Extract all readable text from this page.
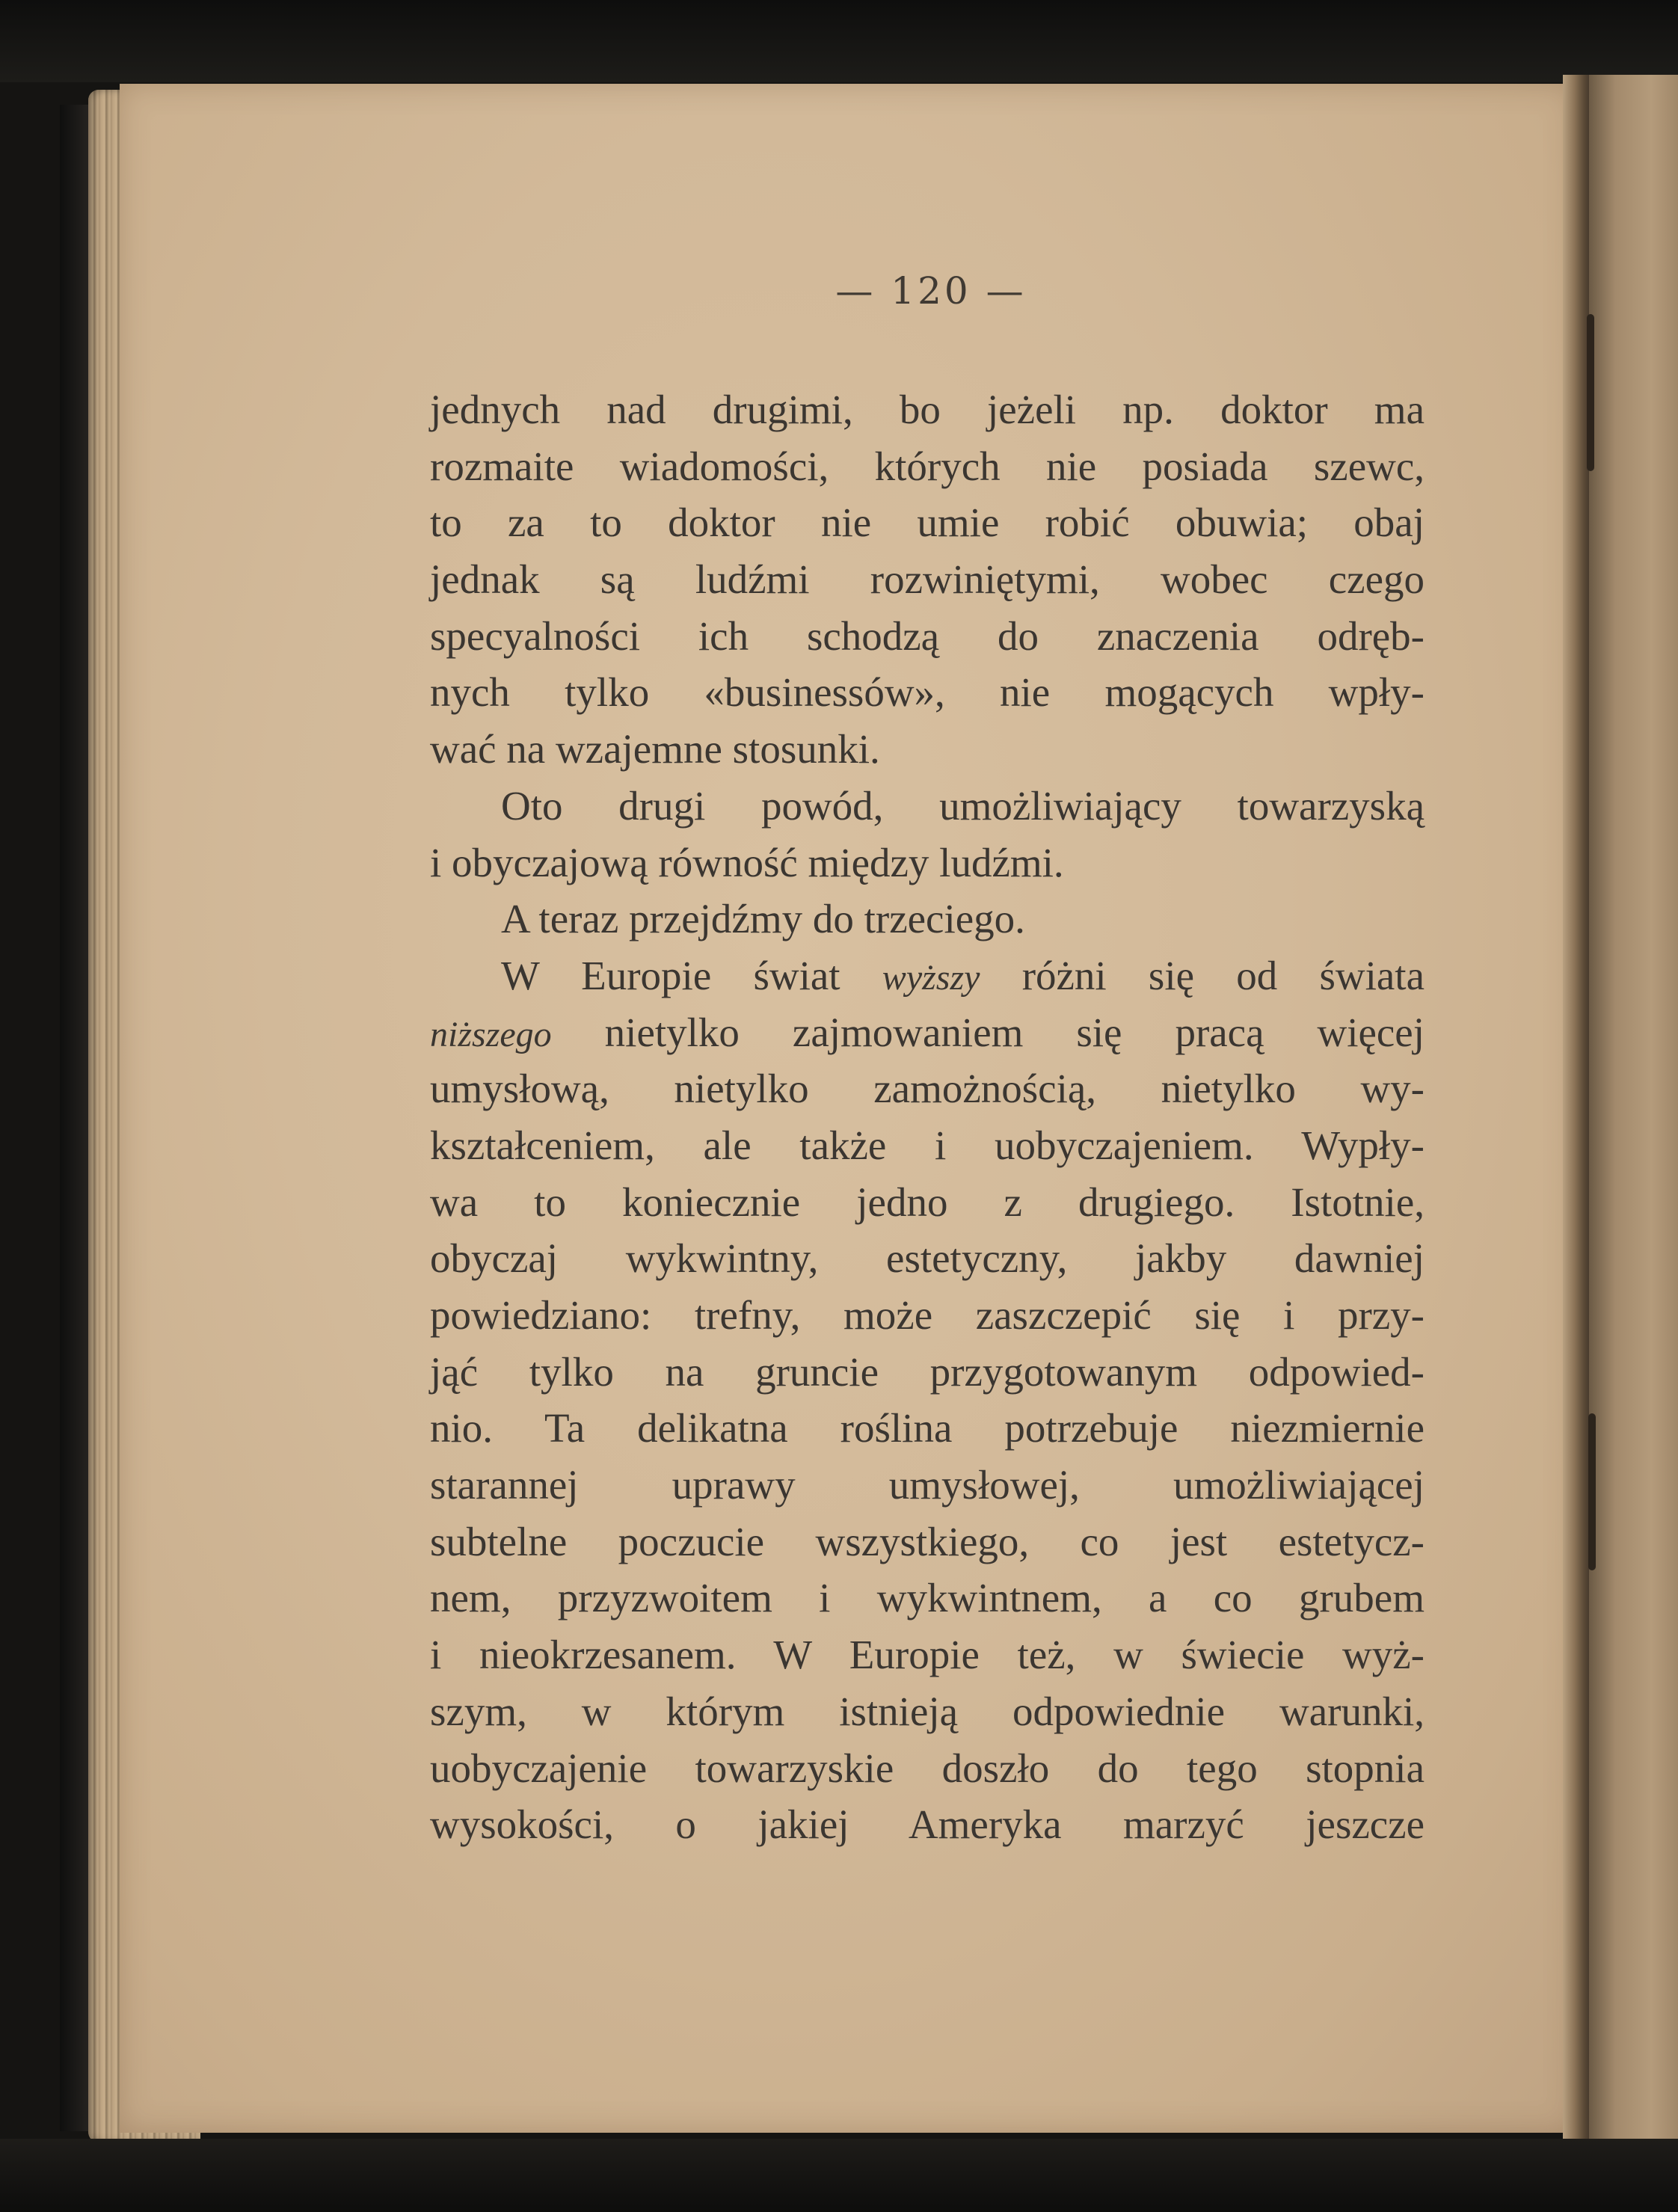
— 120 —
jednych nad drugimi, bo jeżeli np. doktor ma
rozmaite wiadomości, których nie posiada szewc,
to za to doktor nie umie robić obuwia; obaj
jednak są ludźmi rozwiniętymi, wobec czego
specyalności ich schodzą do znaczenia odręb-
nych tylko «businessów», nie mogących wpły-
wać na wzajemne stosunki.
Oto drugi powód, umożliwiający towarzyską
i obyczajową równość między ludźmi.
A teraz przejdźmy do trzeciego.
W Europie świat wyższy różni się od świata
niższego nietylko zajmowaniem się pracą więcej
umysłową, nietylko zamożnością, nietylko wy-
kształceniem, ale także i uobyczajeniem. Wypły-
wa to koniecznie jedno z drugiego. Istotnie,
obyczaj wykwintny, estetyczny, jakby dawniej
powiedziano: trefny, może zaszczepić się i przy-
jąć tylko na gruncie przygotowanym odpowied-
nio. Ta delikatna roślina potrzebuje niezmiernie
starannej uprawy umysłowej, umożliwiającej
subtelne poczucie wszystkiego, co jest estetycz-
nem, przyzwoitem i wykwintnem, a co grubem
i nieokrzesanem. W Europie też, w świecie wyż-
szym, w którym istnieją odpowiednie warunki,
uobyczajenie towarzyskie doszło do tego stopnia
wysokości, o jakiej Ameryka marzyć jeszcze
